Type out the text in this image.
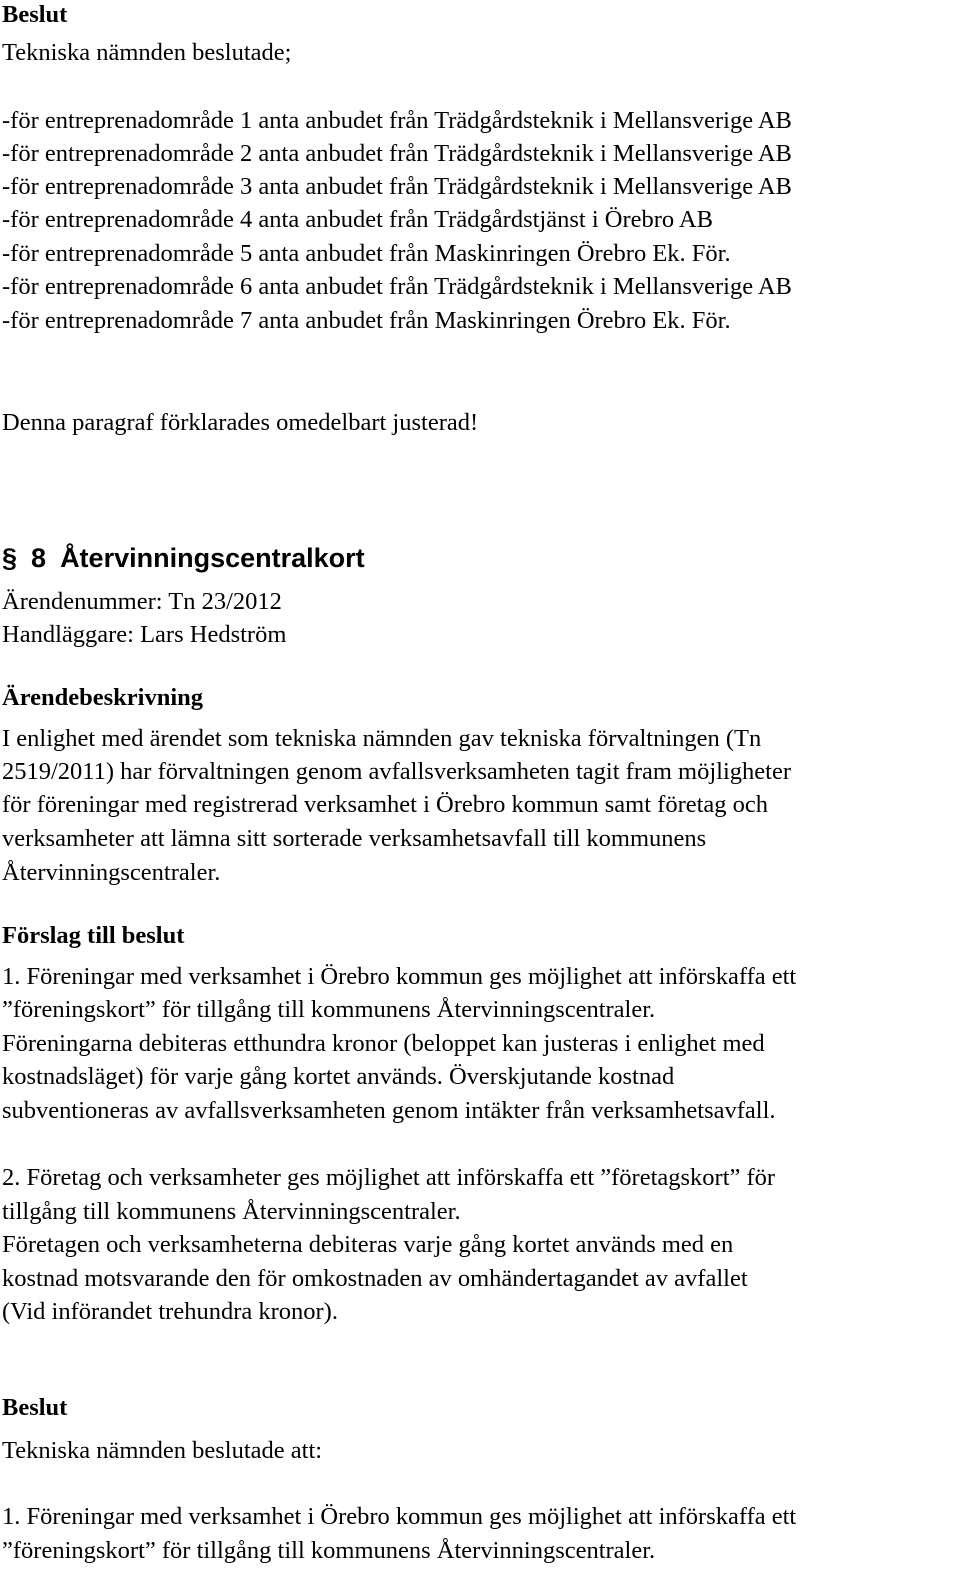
Beslut
Tekniska nämnden beslutade;
-för entreprenadområde 1 anta anbudet från Trädgårdsteknik i Mellansverige AB
-för entreprenadområde 2 anta anbudet från Trädgårdsteknik i Mellansverige AB
-för entreprenadområde 3 anta anbudet från Trädgårdsteknik i Mellansverige AB
-för entreprenadområde 4 anta anbudet från Trädgårdstjänst i Örebro AB
-för entreprenadområde 5 anta anbudet från Maskinringen Örebro Ek. För.
-för entreprenadområde 6 anta anbudet från Trädgårdsteknik i Mellansverige AB
-för entreprenadområde 7 anta anbudet från Maskinringen Örebro Ek. För.
Denna paragraf förklarades omedelbart justerad!
§ 8 Återvinningscentralkort
Ärendenummer: Tn 23/2012
Handläggare: Lars Hedström
Ärendebeskrivning
I enlighet med ärendet som tekniska nämnden gav tekniska förvaltningen (Tn
2519/2011) har förvaltningen genom avfallsverksamheten tagit fram möjligheter
för föreningar med registrerad verksamhet i Örebro kommun samt företag och
verksamheter att lämna sitt sorterade verksamhetsavfall till kommunens
Återvinningscentraler.
Förslag till beslut
1. Föreningar med verksamhet i Örebro kommun ges möjlighet att införskaffa ett
”föreningskort” för tillgång till kommunens Återvinningscentraler.
Föreningarna debiteras etthundra kronor (beloppet kan justeras i enlighet med
kostnadsläget) för varje gång kortet används. Överskjutande kostnad
subventioneras av avfallsverksamheten genom intäkter från verksamhetsavfall.
2. Företag och verksamheter ges möjlighet att införskaffa ett ”företagskort” för
tillgång till kommunens Återvinningscentraler.
Företagen och verksamheterna debiteras varje gång kortet används med en
kostnad motsvarande den för omkostnaden av omhändertagandet av avfallet
(Vid införandet trehundra kronor).
Beslut
Tekniska nämnden beslutade att:
1. Föreningar med verksamhet i Örebro kommun ges möjlighet att införskaffa ett
”föreningskort” för tillgång till kommunens Återvinningscentraler.
